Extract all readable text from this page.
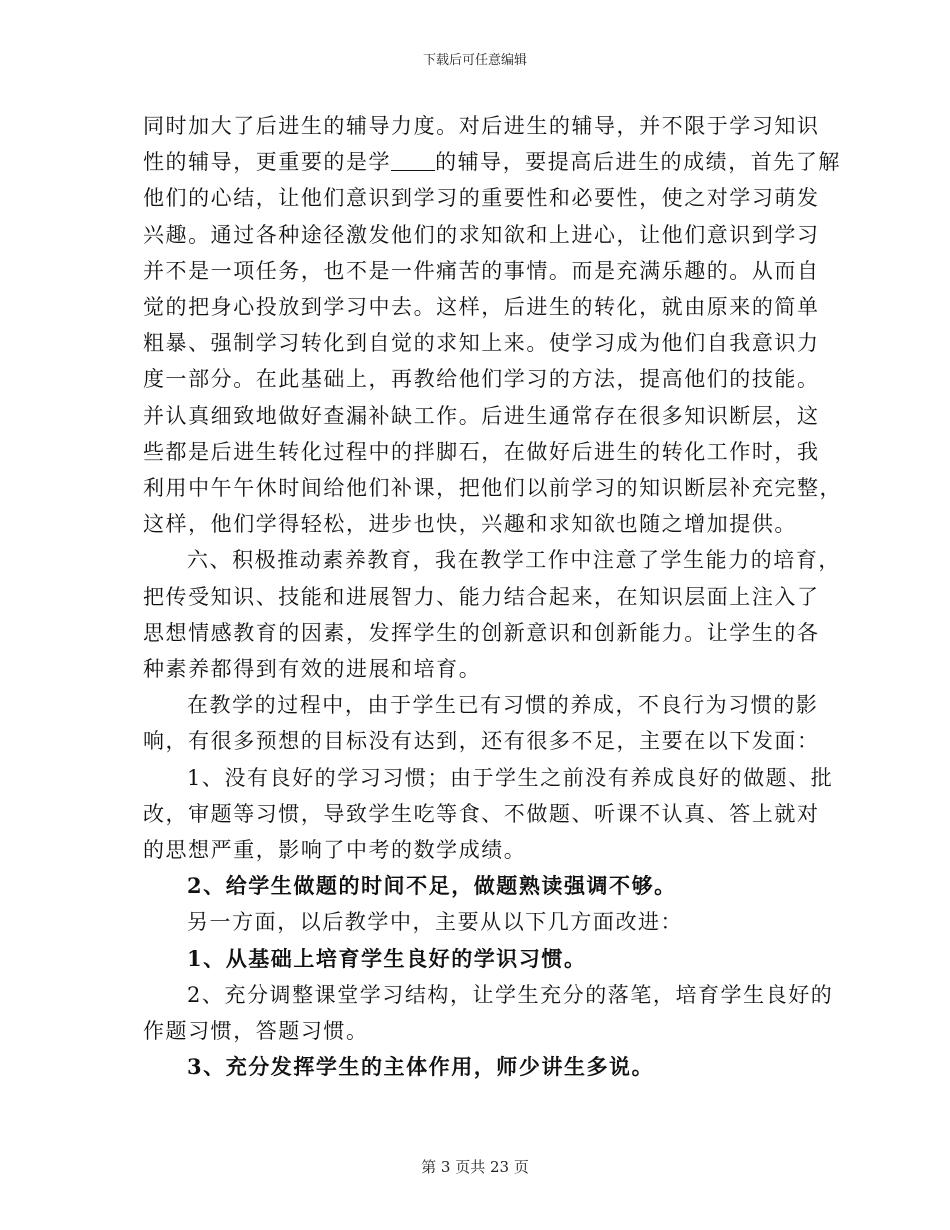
下载后可任意编辑

同时加大了后进生的辅导力度。对后进生的辅导，并不限于学习知识
性的辅导，更重要的是学 的辅导，要提高后进生的成绩，首先了解
他们的心结，让他们意识到学习的重要性和必要性，使之对学习萌发
兴趣。通过各种途径激发他们的求知欲和上进心，让他们意识到学习
并不是一项任务，也不是一件痛苦的事情。而是充满乐趣的。从而自
觉的把身心投放到学习中去。这样，后进生的转化，就由原来的简单
粗暴、强制学习转化到自觉的求知上来。使学习成为他们自我意识力
度一部分。在此基础上，再教给他们学习的方法，提高他们的技能。
并认真细致地做好查漏补缺工作。后进生通常存在很多知识断层，这
些都是后进生转化过程中的拌脚石，在做好后进生的转化工作时，我
利用中午午休时间给他们补课，把他们以前学习的知识断层补充完整，
这样，他们学得轻松，进步也快，兴趣和求知欲也随之增加提供。

六、积极推动素养教育，我在教学工作中注意了学生能力的培育，
把传受知识、技能和进展智力、能力结合起来，在知识层面上注入了
思想情感教育的因素，发挥学生的创新意识和创新能力。让学生的各
种素养都得到有效的进展和培育。

在教学的过程中，由于学生已有习惯的养成，不良行为习惯的影
响，有很多预想的目标没有达到，还有很多不足，主要在以下发面：

1、没有良好的学习习惯；由于学生之前没有养成良好的做题、批
改，审题等习惯，导致学生吃等食、不做题、听课不认真、答上就对
的思想严重，影响了中考的数学成绩。

2、给学生做题的时间不足，做题熟读强调不够。

另一方面，以后教学中，主要从以下几方面改进：

1、从基础上培育学生良好的学识习惯。

2、充分调整课堂学习结构，让学生充分的落笔，培育学生良好的
作题习惯，答题习惯。

3、充分发挥学生的主体作用，师少讲生多说。

第 3 页共 23 页
